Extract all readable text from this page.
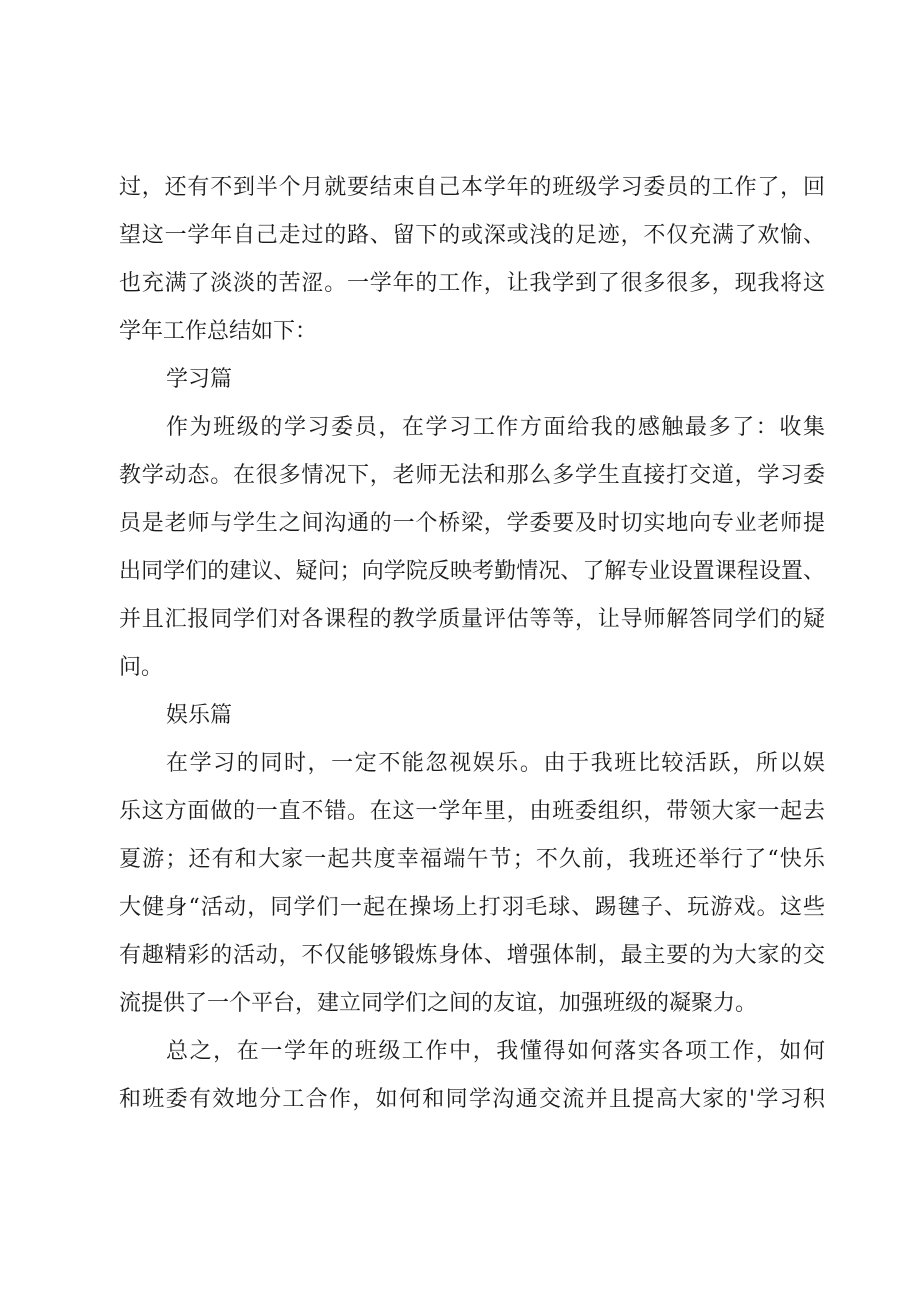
过，还有不到半个月就要结束自己本学年的班级学习委员的工作了，回
望这一学年自己走过的路、留下的或深或浅的足迹，不仅充满了欢愉、
也充满了淡淡的苦涩。一学年的工作，让我学到了很多很多，现我将这
学年工作总结如下：
学习篇
作为班级的学习委员，在学习工作方面给我的感触最多了：收集
教学动态。在很多情况下，老师无法和那么多学生直接打交道，学习委
员是老师与学生之间沟通的一个桥梁，学委要及时切实地向专业老师提
出同学们的建议、疑问；向学院反映考勤情况、了解专业设置课程设置、
并且汇报同学们对各课程的教学质量评估等等，让导师解答同学们的疑
问。
娱乐篇
在学习的同时，一定不能忽视娱乐。由于我班比较活跃，所以娱
乐这方面做的一直不错。在这一学年里，由班委组织，带领大家一起去
夏游；还有和大家一起共度幸福端午节；不久前，我班还举行了“快乐
大健身“活动，同学们一起在操场上打羽毛球、踢毽子、玩游戏。这些
有趣精彩的活动，不仅能够锻炼身体、增强体制，最主要的为大家的交
流提供了一个平台，建立同学们之间的友谊，加强班级的凝聚力。
总之，在一学年的班级工作中，我懂得如何落实各项工作，如何
和班委有效地分工合作，如何和同学沟通交流并且提高大家的'学习积
